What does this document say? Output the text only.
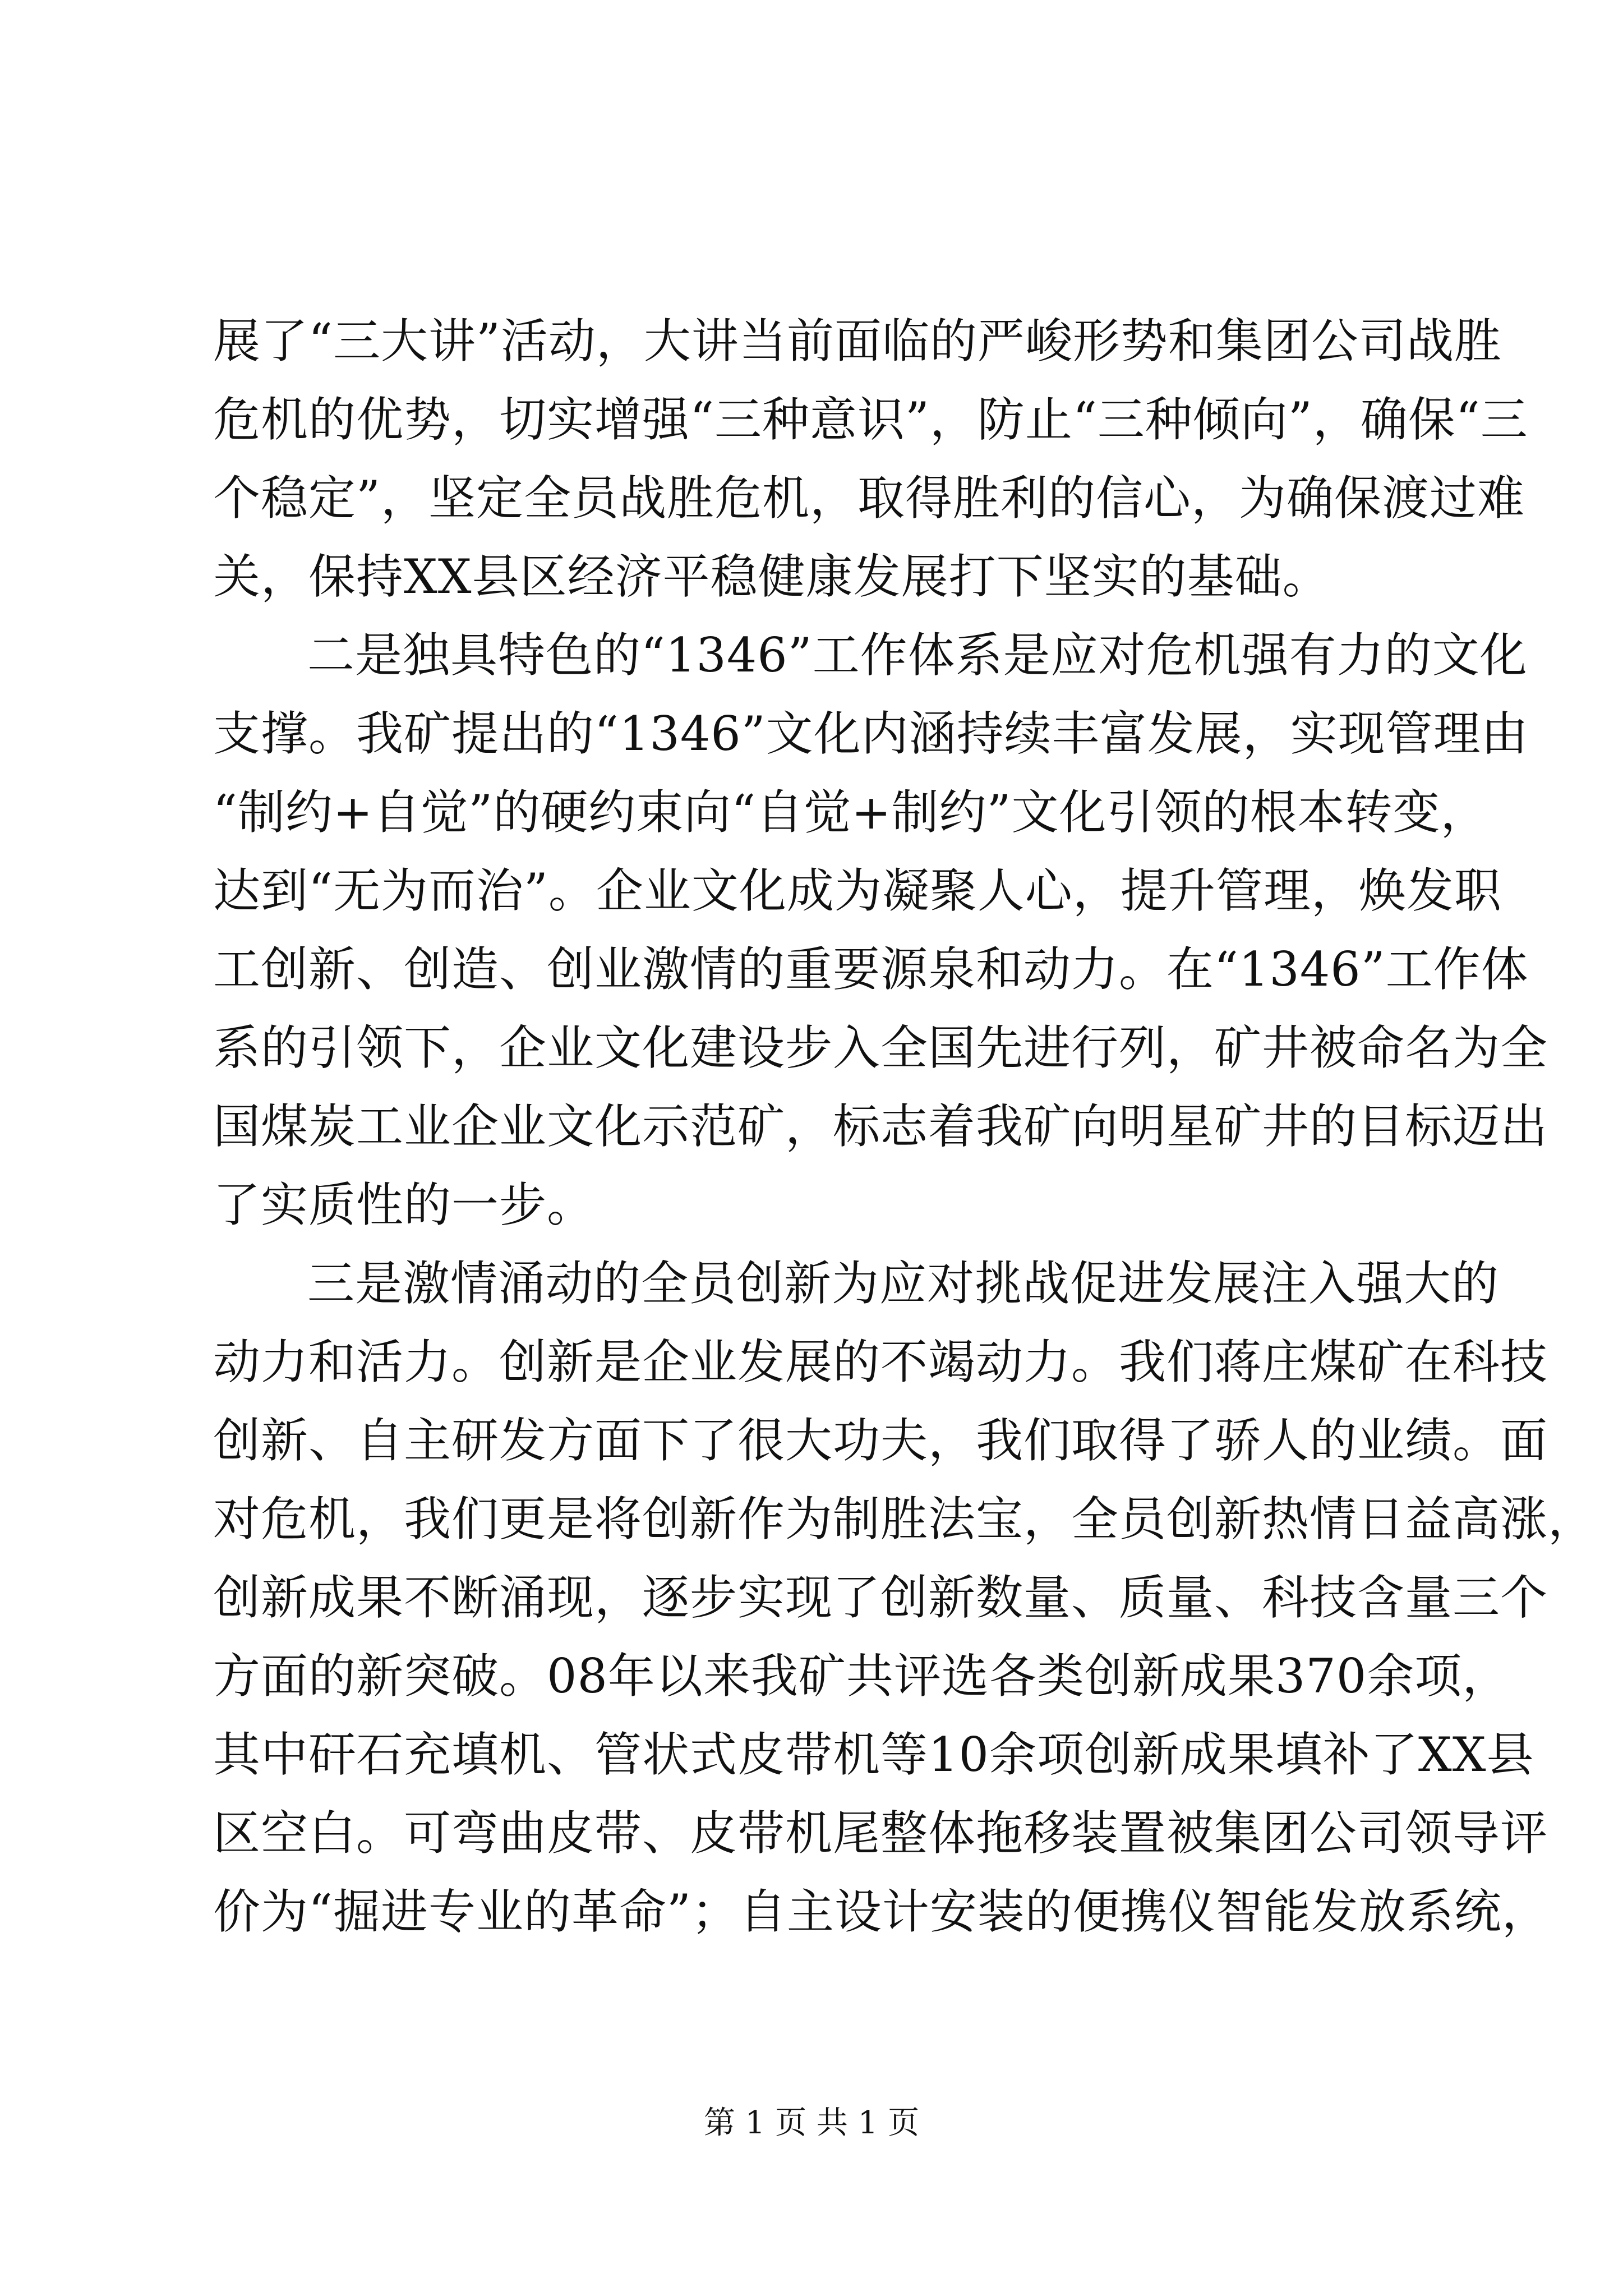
展了“三大讲”活动，大讲当前面临的严峻形势和集团公司战胜
危机的优势，切实增强“三种意识”，防止“三种倾向”，确保“三
个稳定”，坚定全员战胜危机，取得胜利的信心，为确保渡过难
关，保持XX县区经济平稳健康发展打下坚实的基础。
二是独具特色的“1346”工作体系是应对危机强有力的文化
支撑。我矿提出的“1346”文化内涵持续丰富发展，实现管理由
“制约+自觉”的硬约束向“自觉+制约”文化引领的根本转变，
达到“无为而治”。企业文化成为凝聚人心，提升管理，焕发职
工创新、创造、创业激情的重要源泉和动力。在“1346”工作体
系的引领下，企业文化建设步入全国先进行列，矿井被命名为全
国煤炭工业企业文化示范矿，标志着我矿向明星矿井的目标迈出
了实质性的一步。
三是激情涌动的全员创新为应对挑战促进发展注入强大的
动力和活力。创新是企业发展的不竭动力。我们蒋庄煤矿在科技
创新、自主研发方面下了很大功夫，我们取得了骄人的业绩。面
对危机，我们更是将创新作为制胜法宝，全员创新热情日益高涨，
创新成果不断涌现，逐步实现了创新数量、质量、科技含量三个
方面的新突破。08年以来我矿共评选各类创新成果370余项，
其中矸石充填机、管状式皮带机等10余项创新成果填补了XX县
区空白。可弯曲皮带、皮带机尾整体拖移装置被集团公司领导评
价为“掘进专业的革命”；自主设计安装的便携仪智能发放系统，
第 1 页 共 1 页
